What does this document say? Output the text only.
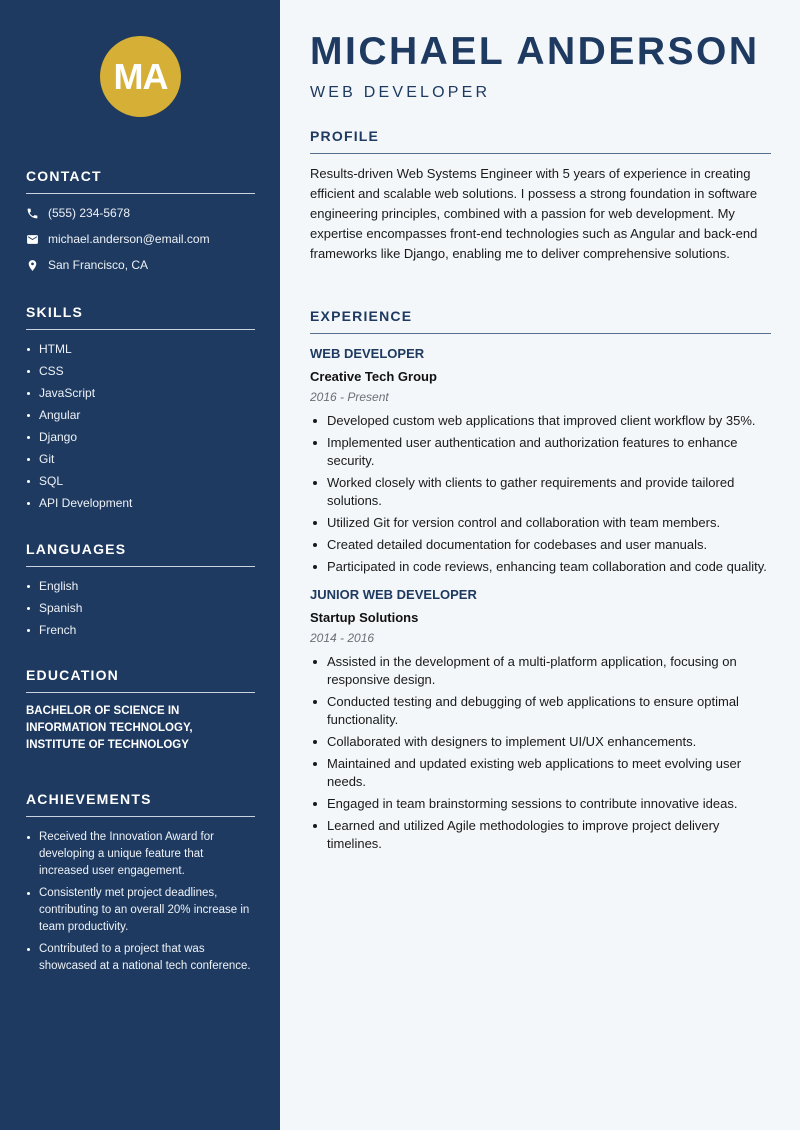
MA
CONTACT
(555) 234-5678
michael.anderson@email.com
San Francisco, CA
SKILLS
HTML
CSS
JavaScript
Angular
Django
Git
SQL
API Development
LANGUAGES
English
Spanish
French
EDUCATION
BACHELOR OF SCIENCE IN INFORMATION TECHNOLOGY, INSTITUTE OF TECHNOLOGY
ACHIEVEMENTS
Received the Innovation Award for developing a unique feature that increased user engagement.
Consistently met project deadlines, contributing to an overall 20% increase in team productivity.
Contributed to a project that was showcased at a national tech conference.
MICHAEL ANDERSON
WEB DEVELOPER
PROFILE
Results-driven Web Systems Engineer with 5 years of experience in creating efficient and scalable web solutions. I possess a strong foundation in software engineering principles, combined with a passion for web development. My expertise encompasses front-end technologies such as Angular and back-end frameworks like Django, enabling me to deliver comprehensive solutions.
EXPERIENCE
WEB DEVELOPER
Creative Tech Group
2016 - Present
Developed custom web applications that improved client workflow by 35%.
Implemented user authentication and authorization features to enhance security.
Worked closely with clients to gather requirements and provide tailored solutions.
Utilized Git for version control and collaboration with team members.
Created detailed documentation for codebases and user manuals.
Participated in code reviews, enhancing team collaboration and code quality.
JUNIOR WEB DEVELOPER
Startup Solutions
2014 - 2016
Assisted in the development of a multi-platform application, focusing on responsive design.
Conducted testing and debugging of web applications to ensure optimal functionality.
Collaborated with designers to implement UI/UX enhancements.
Maintained and updated existing web applications to meet evolving user needs.
Engaged in team brainstorming sessions to contribute innovative ideas.
Learned and utilized Agile methodologies to improve project delivery timelines.
